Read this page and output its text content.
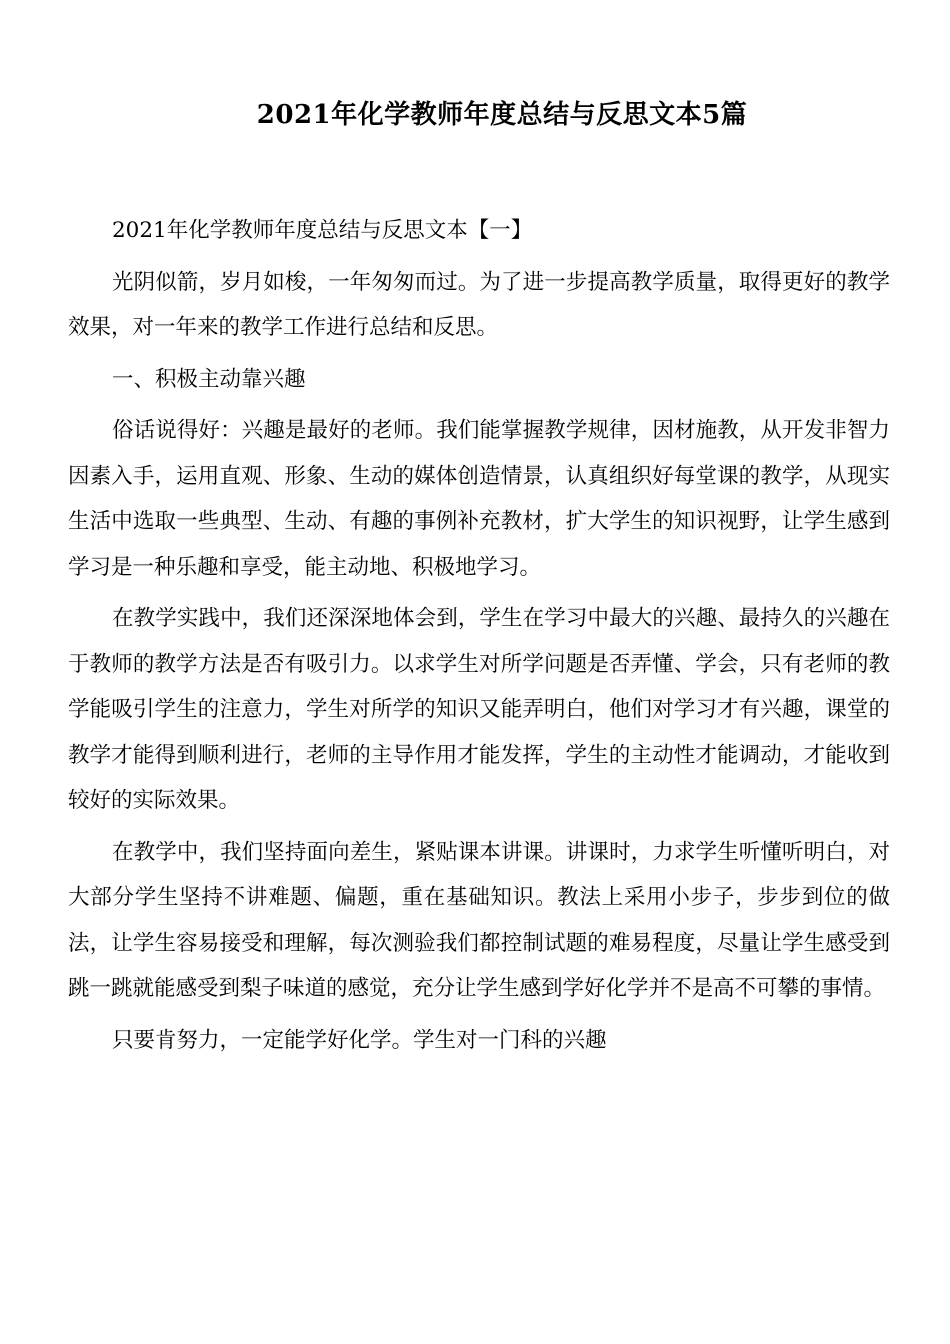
2021年化学教师年度总结与反思文本5篇

2021年化学教师年度总结与反思文本【一】

光阴似箭，岁月如梭，一年匆匆而过。为了进一步提高教学质量，取得更好的教学效果，对一年来的教学工作进行总结和反思。

一、积极主动靠兴趣

俗话说得好：兴趣是最好的老师。我们能掌握教学规律，因材施教，从开发非智力因素入手，运用直观、形象、生动的媒体创造情景，认真组织好每堂课的教学，从现实生活中选取一些典型、生动、有趣的事例补充教材，扩大学生的知识视野，让学生感到学习是一种乐趣和享受，能主动地、积极地学习。

在教学实践中，我们还深深地体会到，学生在学习中最大的兴趣、最持久的兴趣在于教师的教学方法是否有吸引力。以求学生对所学问题是否弄懂、学会，只有老师的教学能吸引学生的注意力，学生对所学的知识又能弄明白，他们对学习才有兴趣，课堂的教学才能得到顺利进行，老师的主导作用才能发挥，学生的主动性才能调动，才能收到较好的实际效果。

在教学中，我们坚持面向差生，紧贴课本讲课。讲课时，力求学生听懂听明白，对大部分学生坚持不讲难题、偏题，重在基础知识。教法上采用小步子，步步到位的做法，让学生容易接受和理解，每次测验我们都控制试题的难易程度，尽量让学生感受到跳一跳就能感受到梨子味道的感觉，充分让学生感到学好化学并不是高不可攀的事情。

只要肯努力，一定能学好化学。学生对一门科的兴趣
